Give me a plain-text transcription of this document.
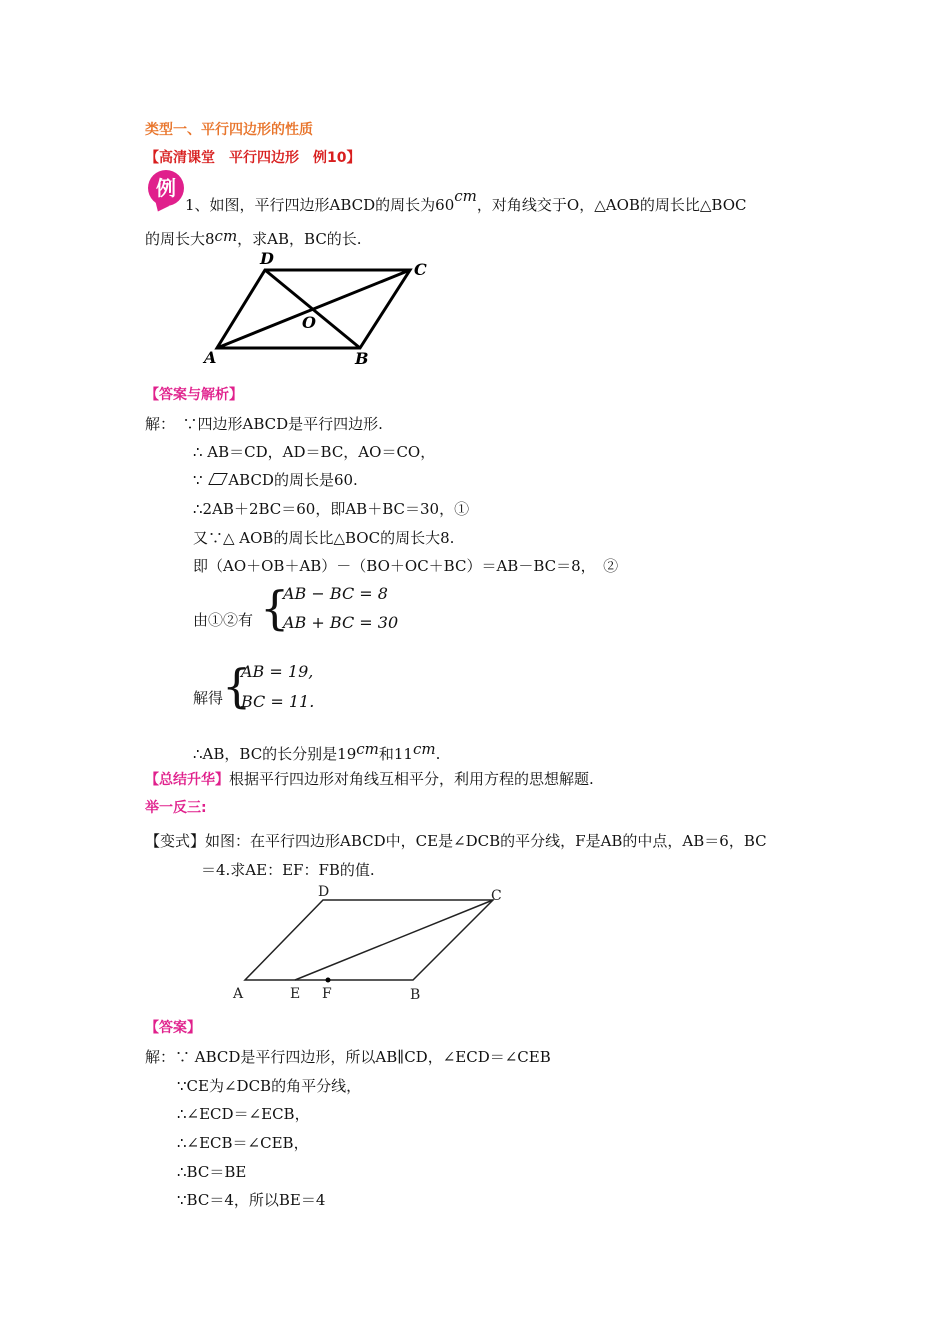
类型一、平行四边形的性质
【高清课堂　平行四边形　例10】
例
1、如图，平行四边形ABCD的周长为60cm，对角线交于O，△AOB的周长比△BOC
的周长大8cm，求AB，BC的长.
A	B
C
D
O
【答案与解析】
解：　∵四边形ABCD是平行四边形.
∴ AB＝CD，AD＝BC，AO＝CO，
∵ ABCD的周长是60.
∴2AB＋2BC＝60，即AB＋BC＝30，①
又∵△ AOB的周长比△BOC的周长大8.
即（AO＋OB＋AB）－（BO＋OC＋BC）＝AB－BC＝8，　②
由①②有 {
AB − BC = 8
AB + BC = 30
解得
{
AB = 19,
BC = 11.
∴AB，BC的长分别是19cm和11cm.
【总结升华】根据平行四边形对角线互相平分，利用方程的思想解题.
举一反三:
【变式】如图：在平行四边形ABCD中，CE是∠DCB的平分线，F是AB的中点，AB＝6，BC
＝4.求AE：EF：FB的值.
A	E F	B
C
D
【答案】
解：∵ ABCD是平行四边形，所以AB∥CD，∠ECD＝∠CEB
∵CE为∠DCB的角平分线，
∴∠ECD＝∠ECB，
∴∠ECB＝∠CEB，
∴BC＝BE
∵BC＝4，所以BE＝4
